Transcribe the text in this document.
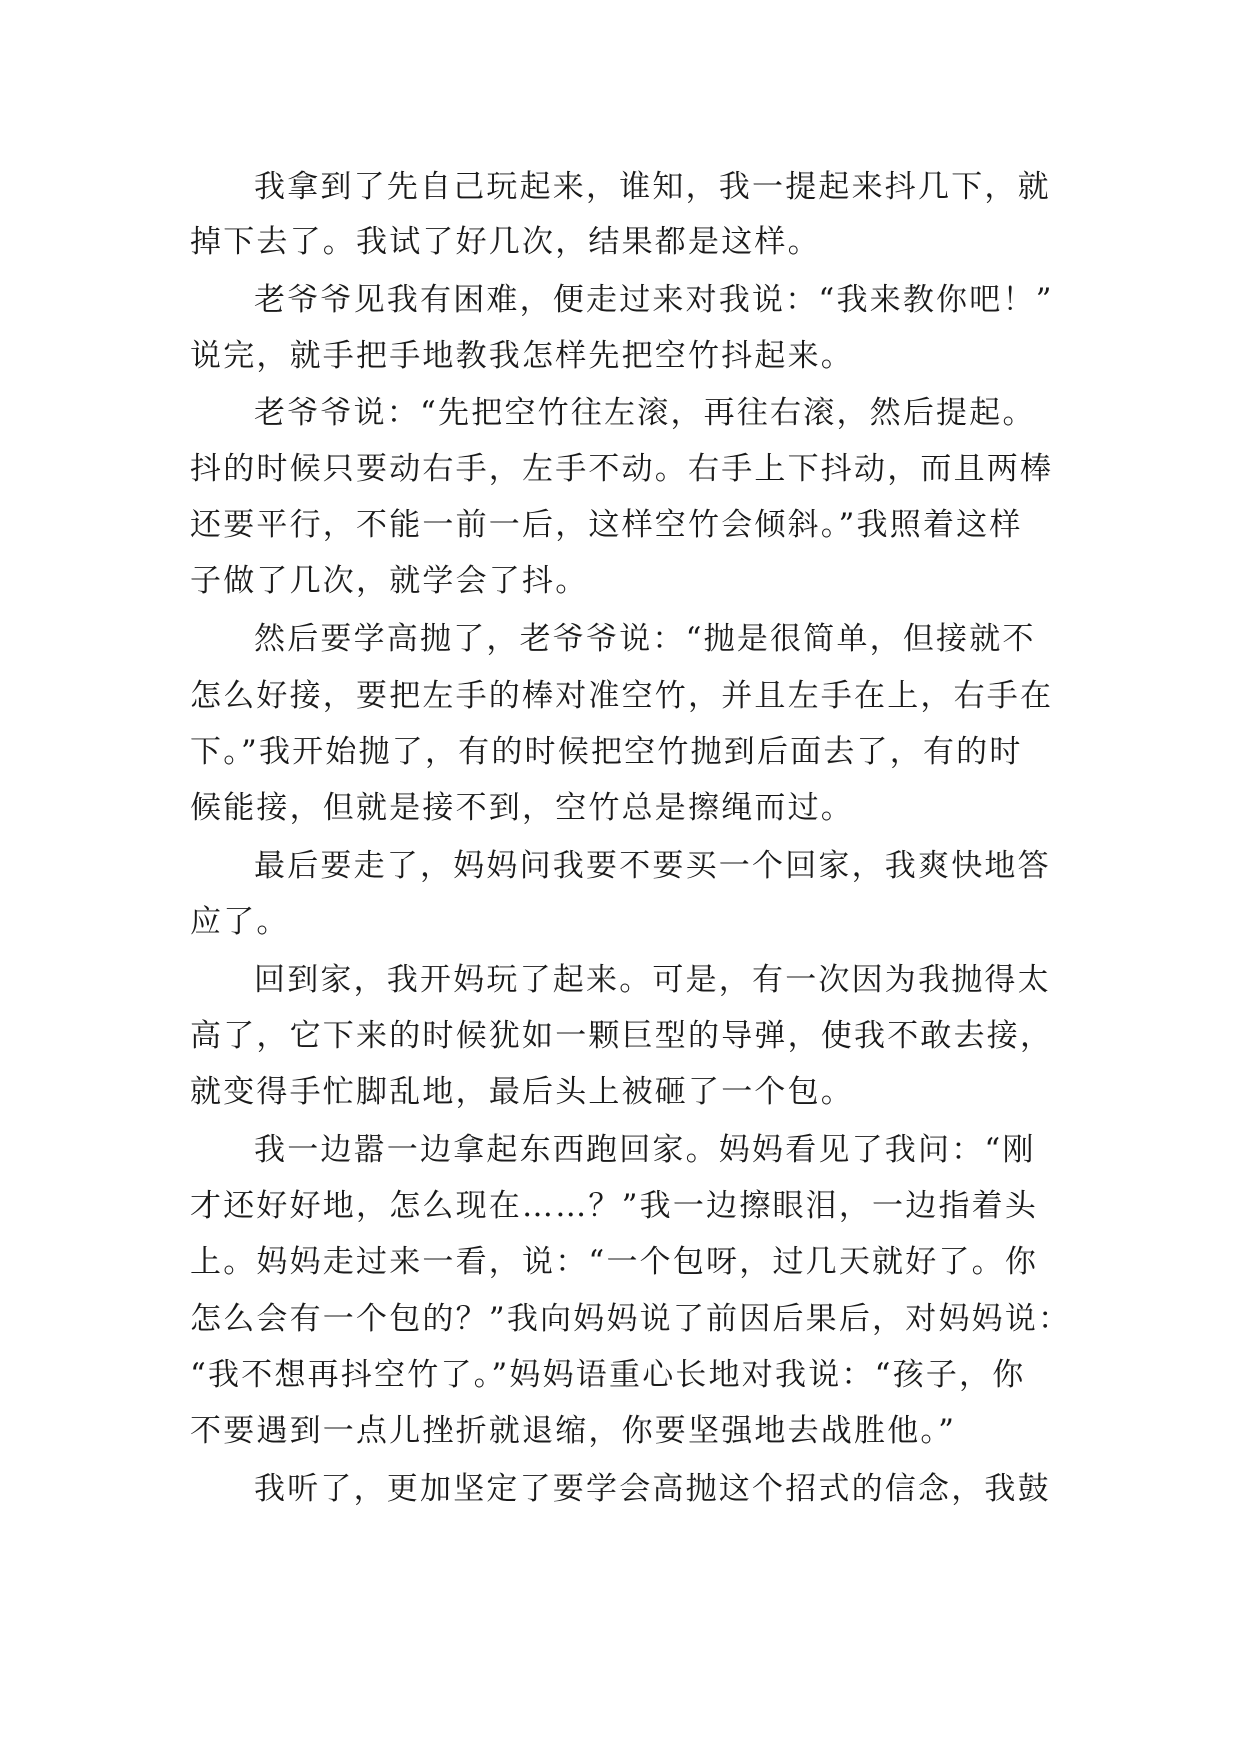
我拿到了先自己玩起来，谁知，我一提起来抖几下，就
掉下去了。我试了好几次，结果都是这样。
老爷爷见我有困难，便走过来对我说：“我来教你吧！”
说完，就手把手地教我怎样先把空竹抖起来。
老爷爷说：“先把空竹往左滚，再往右滚，然后提起。
抖的时候只要动右手，左手不动。右手上下抖动，而且两棒
还要平行，不能一前一后，这样空竹会倾斜。”我照着这样
子做了几次，就学会了抖。
然后要学高抛了，老爷爷说：“抛是很简单，但接就不
怎么好接，要把左手的棒对准空竹，并且左手在上，右手在
下。”我开始抛了，有的时候把空竹抛到后面去了，有的时
候能接，但就是接不到，空竹总是擦绳而过。
最后要走了，妈妈问我要不要买一个回家，我爽快地答
应了。
回到家，我开妈玩了起来。可是，有一次因为我抛得太
高了，它下来的时候犹如一颗巨型的导弹，使我不敢去接，
就变得手忙脚乱地，最后头上被砸了一个包。
我一边嚣一边拿起东西跑回家。妈妈看见了我问：“刚
才还好好地，怎么现在……？”我一边擦眼泪，一边指着头
上。妈妈走过来一看，说：“一个包呀，过几天就好了。你
怎么会有一个包的？”我向妈妈说了前因后果后，对妈妈说：
“我不想再抖空竹了。”妈妈语重心长地对我说：“孩子，你
不要遇到一点儿挫折就退缩，你要坚强地去战胜他。”
我听了，更加坚定了要学会高抛这个招式的信念，我鼓
